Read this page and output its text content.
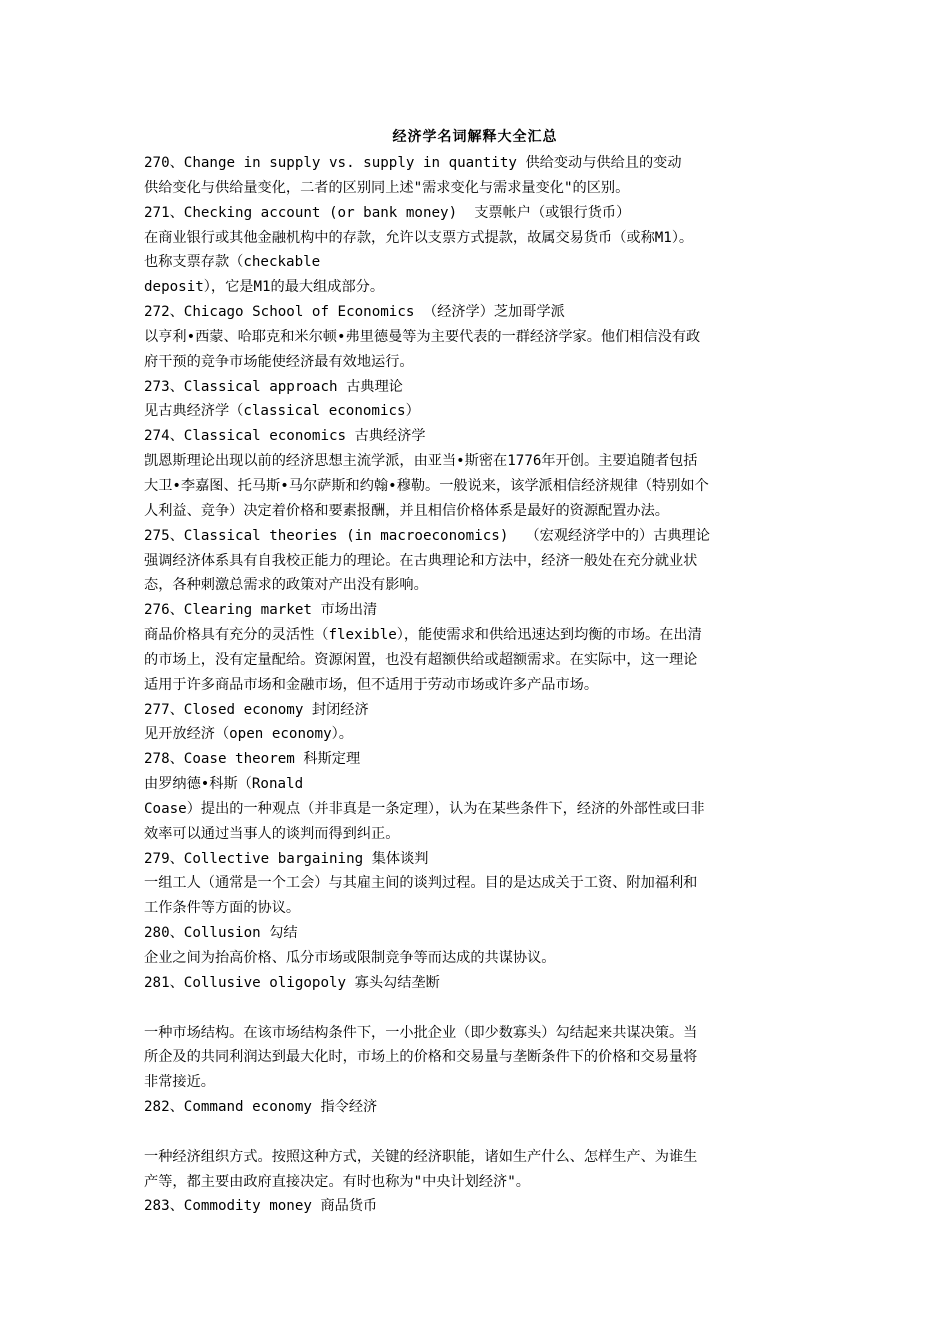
经济学名词解释大全汇总
270、Change in supply vs. supply in quantity 供给变动与供给且的变动
供给变化与供给量变化，二者的区别同上述"需求变化与需求量变化"的区别。
271、Checking account (or bank money)  支票帐户（或银行货币）
在商业银行或其他金融机构中的存款，允许以支票方式提款，故属交易货币（或称M1）。
也称支票存款（checkable
deposit），它是M1的最大组成部分。
272、Chicago School of Economics （经济学）芝加哥学派
以亨利•西蒙、哈耶克和米尔顿•弗里德曼等为主要代表的一群经济学家。他们相信没有政
府干预的竞争市场能使经济最有效地运行。
273、Classical approach 古典理论
见古典经济学（classical economics）
274、Classical economics 古典经济学
凯恩斯理论出现以前的经济思想主流学派，由亚当•斯密在1776年开创。主要追随者包括
大卫•李嘉图、托马斯•马尔萨斯和约翰•穆勒。一般说来，该学派相信经济规律（特别如个
人利益、竞争）决定着价格和要素报酬，并且相信价格体系是最好的资源配置办法。
275、Classical theories (in macroeconomics)  （宏观经济学中的）古典理论
强调经济体系具有自我校正能力的理论。在古典理论和方法中，经济一般处在充分就业状
态，各种刺激总需求的政策对产出没有影响。
276、Clearing market 市场出清
商品价格具有充分的灵活性（flexible），能使需求和供给迅速达到均衡的市场。在出清
的市场上，没有定量配给。资源闲置，也没有超额供给或超额需求。在实际中，这一理论
适用于许多商品市场和金融市场，但不适用于劳动市场或许多产品市场。
277、Closed economy 封闭经济
见开放经济（open economy）。
278、Coase theorem 科斯定理
由罗纳德•科斯（Ronald
Coase）提出的一种观点（并非真是一条定理），认为在某些条件下，经济的外部性或曰非
效率可以通过当事人的谈判而得到纠正。
279、Collective bargaining 集体谈判
一组工人（通常是一个工会）与其雇主间的谈判过程。目的是达成关于工资、附加福利和
工作条件等方面的协议。
280、Collusion 勾结
企业之间为抬高价格、瓜分市场或限制竞争等而达成的共谋协议。
281、Collusive oligopoly 寡头勾结垄断
一种市场结构。在该市场结构条件下，一小批企业（即少数寡头）勾结起来共谋决策。当
所企及的共同利润达到最大化时，市场上的价格和交易量与垄断条件下的价格和交易量将
非常接近。
282、Command economy 指令经济
一种经济组织方式。按照这种方式，关键的经济职能，诸如生产什么、怎样生产、为谁生
产等，都主要由政府直接决定。有时也称为"中央计划经济"。
283、Commodity money 商品货币
